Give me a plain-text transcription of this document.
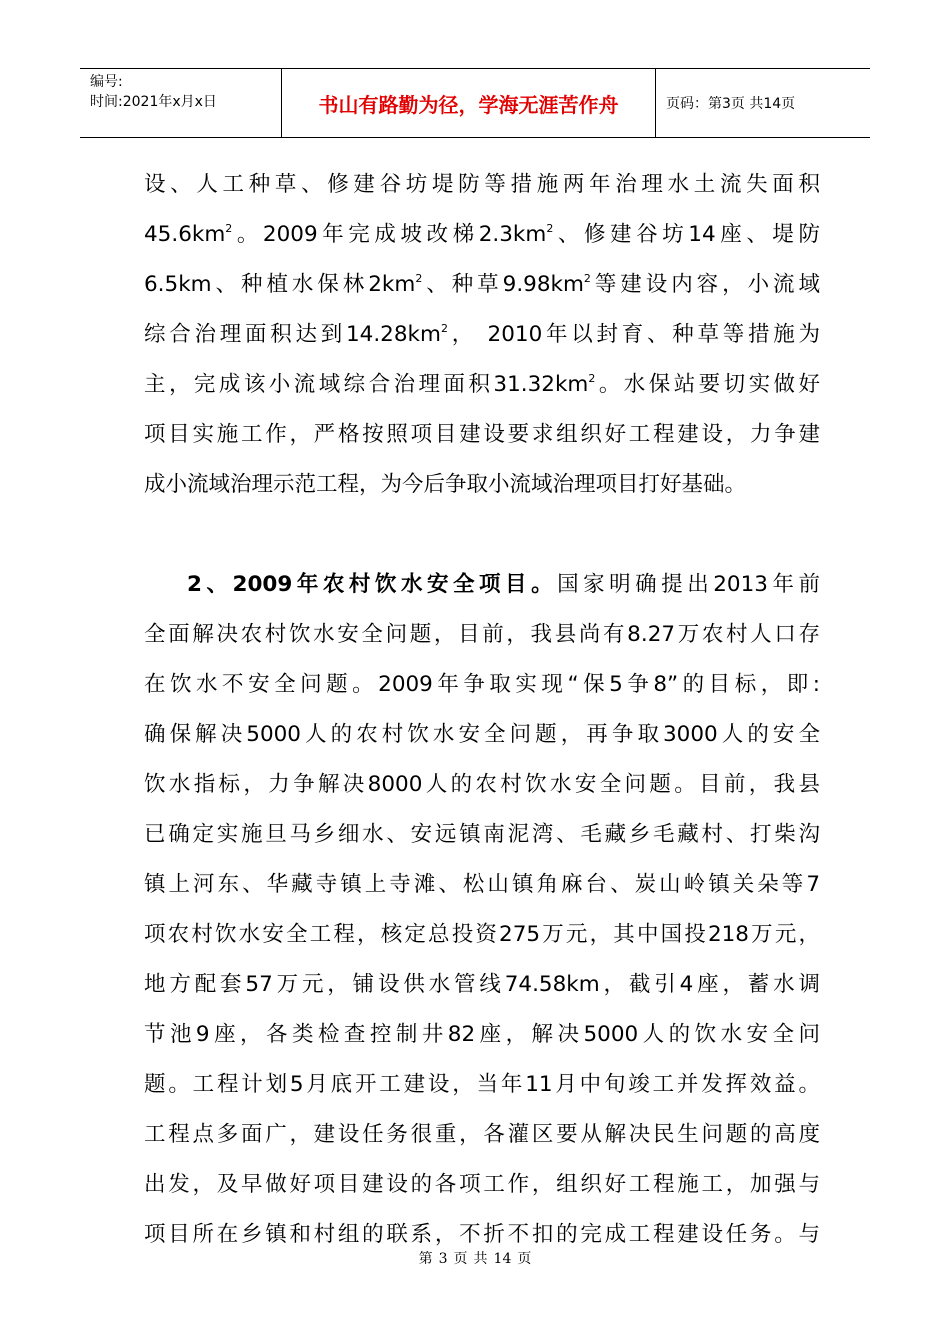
编号:
时间:2021年x月x日	书山有路勤为径，学海无涯苦作舟	页码：第3页 共14页
设、人工种草、修建谷坊堤防等措施两年治理水土流失面积
$45.6km^2$。2009年完成坡改梯$2.3km^2$、修建谷坊14座、堤防
6.5km、种植水保林$2km^2$、种草$9.98km^2$等建设内容，小流域
综合治理面积达到$14.28km^2$， 2010年以封育、种草等措施为
主，完成该小流域综合治理面积$31.32km^2$。水保站要切实做好
项目实施工作，严格按照项目建设要求组织好工程建设，力争建
成小流域治理示范工程，为今后争取小流域治理项目打好基础。
2、2009年农村饮水安全项目。国家明确提出2013年前
全面解决农村饮水安全问题，目前，我县尚有8.27万农村人口存
在饮水不安全问题。2009年争取实现“保5争8”的目标，即:
确保解决5000人的农村饮水安全问题，再争取3000人的安全
饮水指标，力争解决8000人的农村饮水安全问题。目前，我县
已确定实施旦马乡细水、安远镇南泥湾、毛藏乡毛藏村、打柴沟
镇上河东、华藏寺镇上寺滩、松山镇角麻台、炭山岭镇关朵等7
项农村饮水安全工程，核定总投资275万元，其中国投218万元，
地方配套57万元，铺设供水管线74.58km，截引4座，蓄水调
节池9座，各类检查控制井82座，解决5000人的饮水安全问
题。工程计划5月底开工建设，当年11月中旬竣工并发挥效益。
工程点多面广，建设任务很重，各灌区要从解决民生问题的高度
出发，及早做好项目建设的各项工作，组织好工程施工，加强与
项目所在乡镇和村组的联系，不折不扣的完成工程建设任务。与
第 3 页 共 14 页
